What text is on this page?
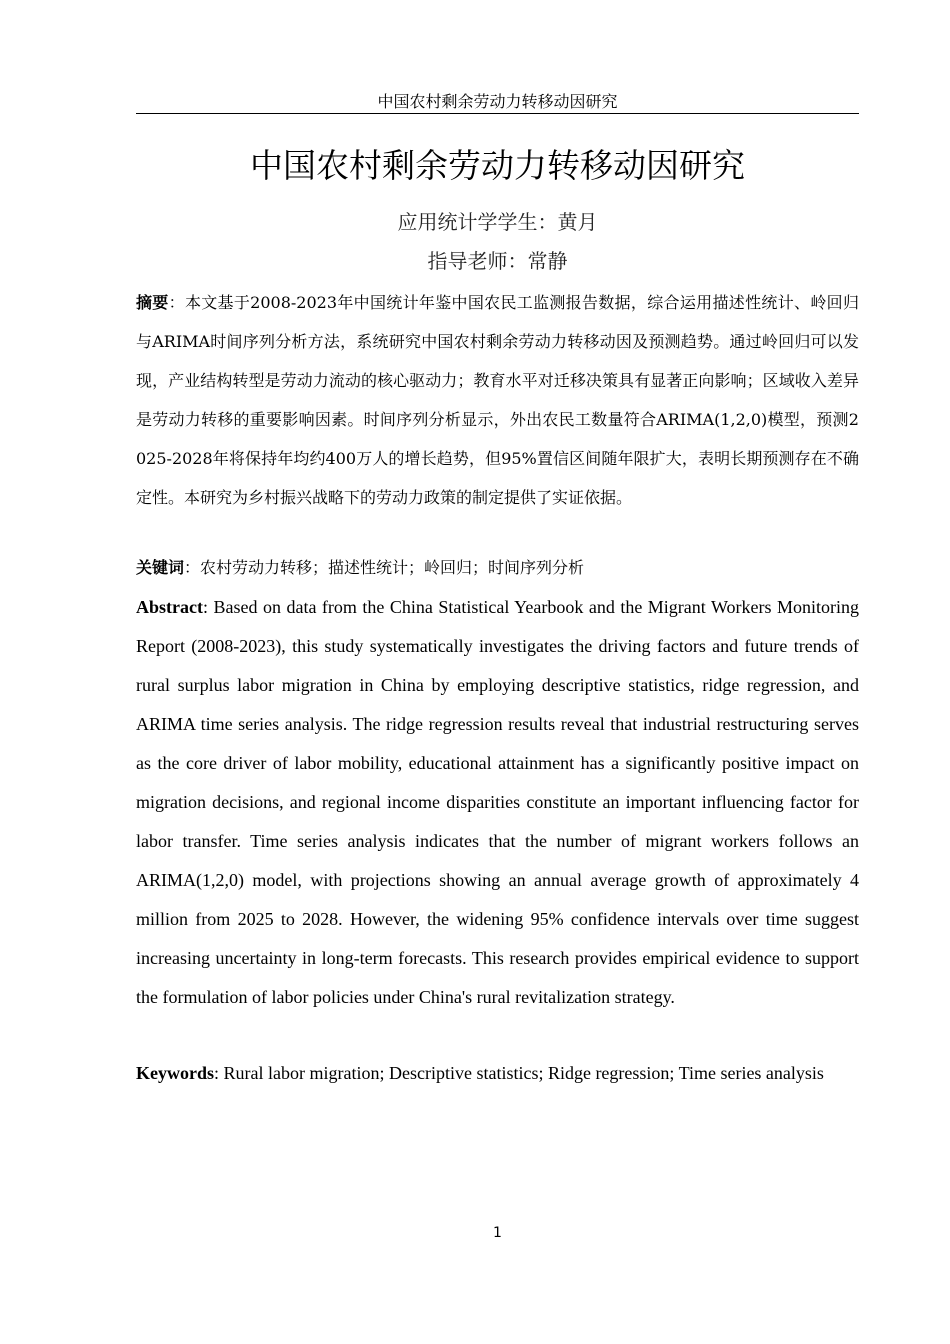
中国农村剩余劳动力转移动因研究
中国农村剩余劳动力转移动因研究
应用统计学学生：黄月
指导老师：常静
摘要：本文基于2008-2023年中国统计年鉴中国农民工监测报告数据，综合运用描述性统计、岭回归与ARIMA时间序列分析方法，系统研究中国农村剩余劳动力转移动因及预测趋势。通过岭回归可以发现，产业结构转型是劳动力流动的核心驱动力；教育水平对迁移决策具有显著正向影响；区域收入差异是劳动力转移的重要影响因素。时间序列分析显示，外出农民工数量符合ARIMA(1,2,0)模型，预测2025-2028年将保持年均约400万人的增长趋势，但95%置信区间随年限扩大，表明长期预测存在不确定性。本研究为乡村振兴战略下的劳动力政策的制定提供了实证依据。
关键词：农村劳动力转移；描述性统计；岭回归；时间序列分析
Abstract: Based on data from the China Statistical Yearbook and the Migrant Workers Monitoring Report (2008-2023), this study systematically investigates the driving factors and future trends of rural surplus labor migration in China by employing descriptive statistics, ridge regression, and ARIMA time series analysis. The ridge regression results reveal that industrial restructuring serves as the core driver of labor mobility, educational attainment has a significantly positive impact on migration decisions, and regional income disparities constitute an important influencing factor for labor transfer. Time series analysis indicates that the number of migrant workers follows an ARIMA(1,2,0) model, with projections showing an annual average growth of approximately 4 million from 2025 to 2028. However, the widening 95% confidence intervals over time suggest increasing uncertainty in long-term forecasts. This research provides empirical evidence to support the formulation of labor policies under China's rural revitalization strategy.
Keywords: Rural labor migration; Descriptive statistics; Ridge regression; Time series analysis
1
